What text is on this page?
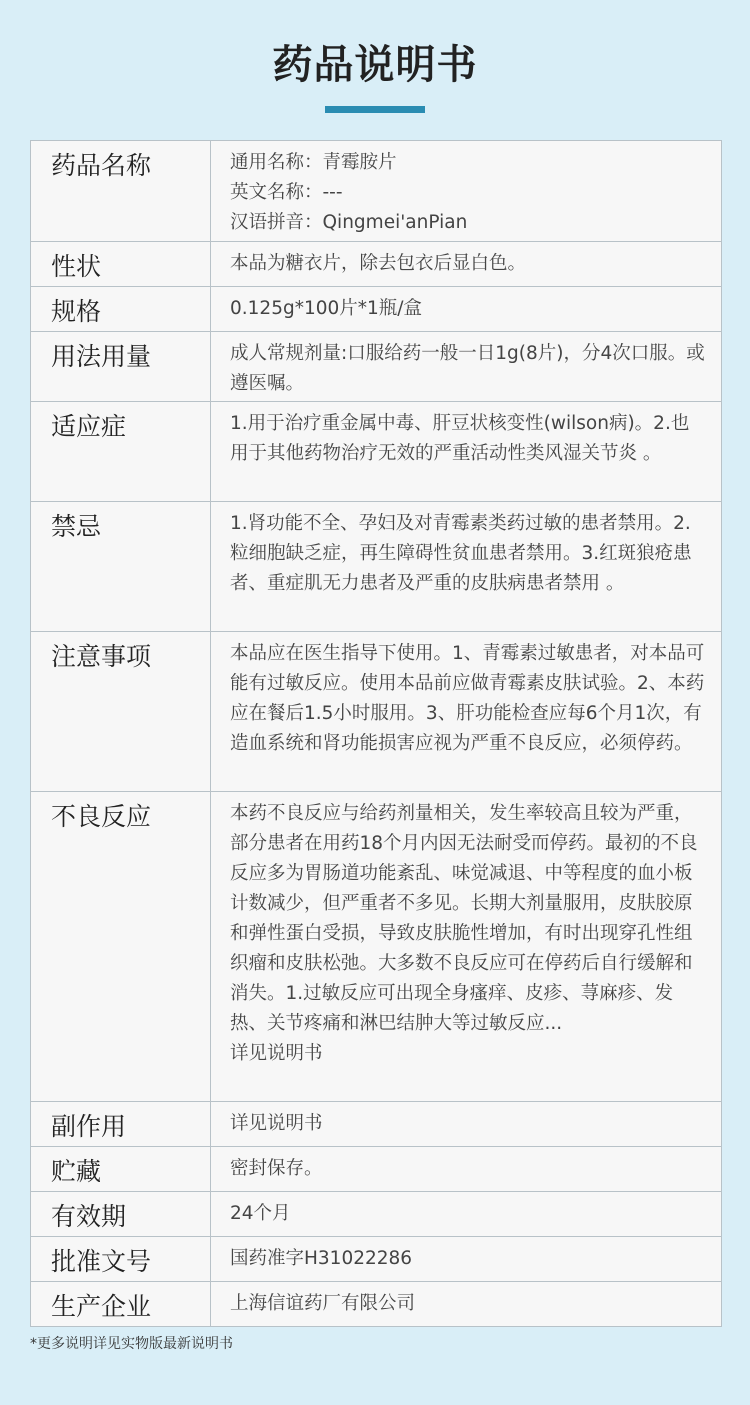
药品说明书
药品名称	通用名称：青霉胺片
英文名称：---
汉语拼音：Qingmei'anPian
性状	本品为糖衣片，除去包衣后显白色。
规格	0.125g*100片*1瓶/盒
用法用量	成人常规剂量:口服给药一般一日1g(8片)，分4次口服。或遵医嘱。
适应症	1.用于治疗重金属中毒、肝豆状核变性(wilson病)。2.也用于其他药物治疗无效的严重活动性类风湿关节炎 。
禁忌	1.肾功能不全、孕妇及对青霉素类药过敏的患者禁用。2.粒细胞缺乏症，再生障碍性贫血患者禁用。3.红斑狼疮患者、重症肌无力患者及严重的皮肤病患者禁用 。
注意事项	本品应在医生指导下使用。1、青霉素过敏患者，对本品可能有过敏反应。使用本品前应做青霉素皮肤试验。2、本药应在餐后1.5小时服用。3、肝功能检查应每6个月1次，有造血系统和肾功能损害应视为严重不良反应，必须停药。
不良反应	本药不良反应与给药剂量相关，发生率较高且较为严重，部分患者在用药18个月内因无法耐受而停药。最初的不良反应多为胃肠道功能紊乱、味觉减退、中等程度的血小板计数减少，但严重者不多见。长期大剂量服用，皮肤胶原和弹性蛋白受损，导致皮肤脆性增加，有时出现穿孔性组织瘤和皮肤松弛。大多数不良反应可在停药后自行缓解和消失。1.过敏反应可出现全身瘙痒、皮疹、荨麻疹、发热、关节疼痛和淋巴结肿大等过敏反应...
详见说明书
副作用	详见说明书
贮藏	密封保存。
有效期	24个月
批准文号	国药准字H31022286
生产企业	上海信谊药厂有限公司
*更多说明详见实物版最新说明书
